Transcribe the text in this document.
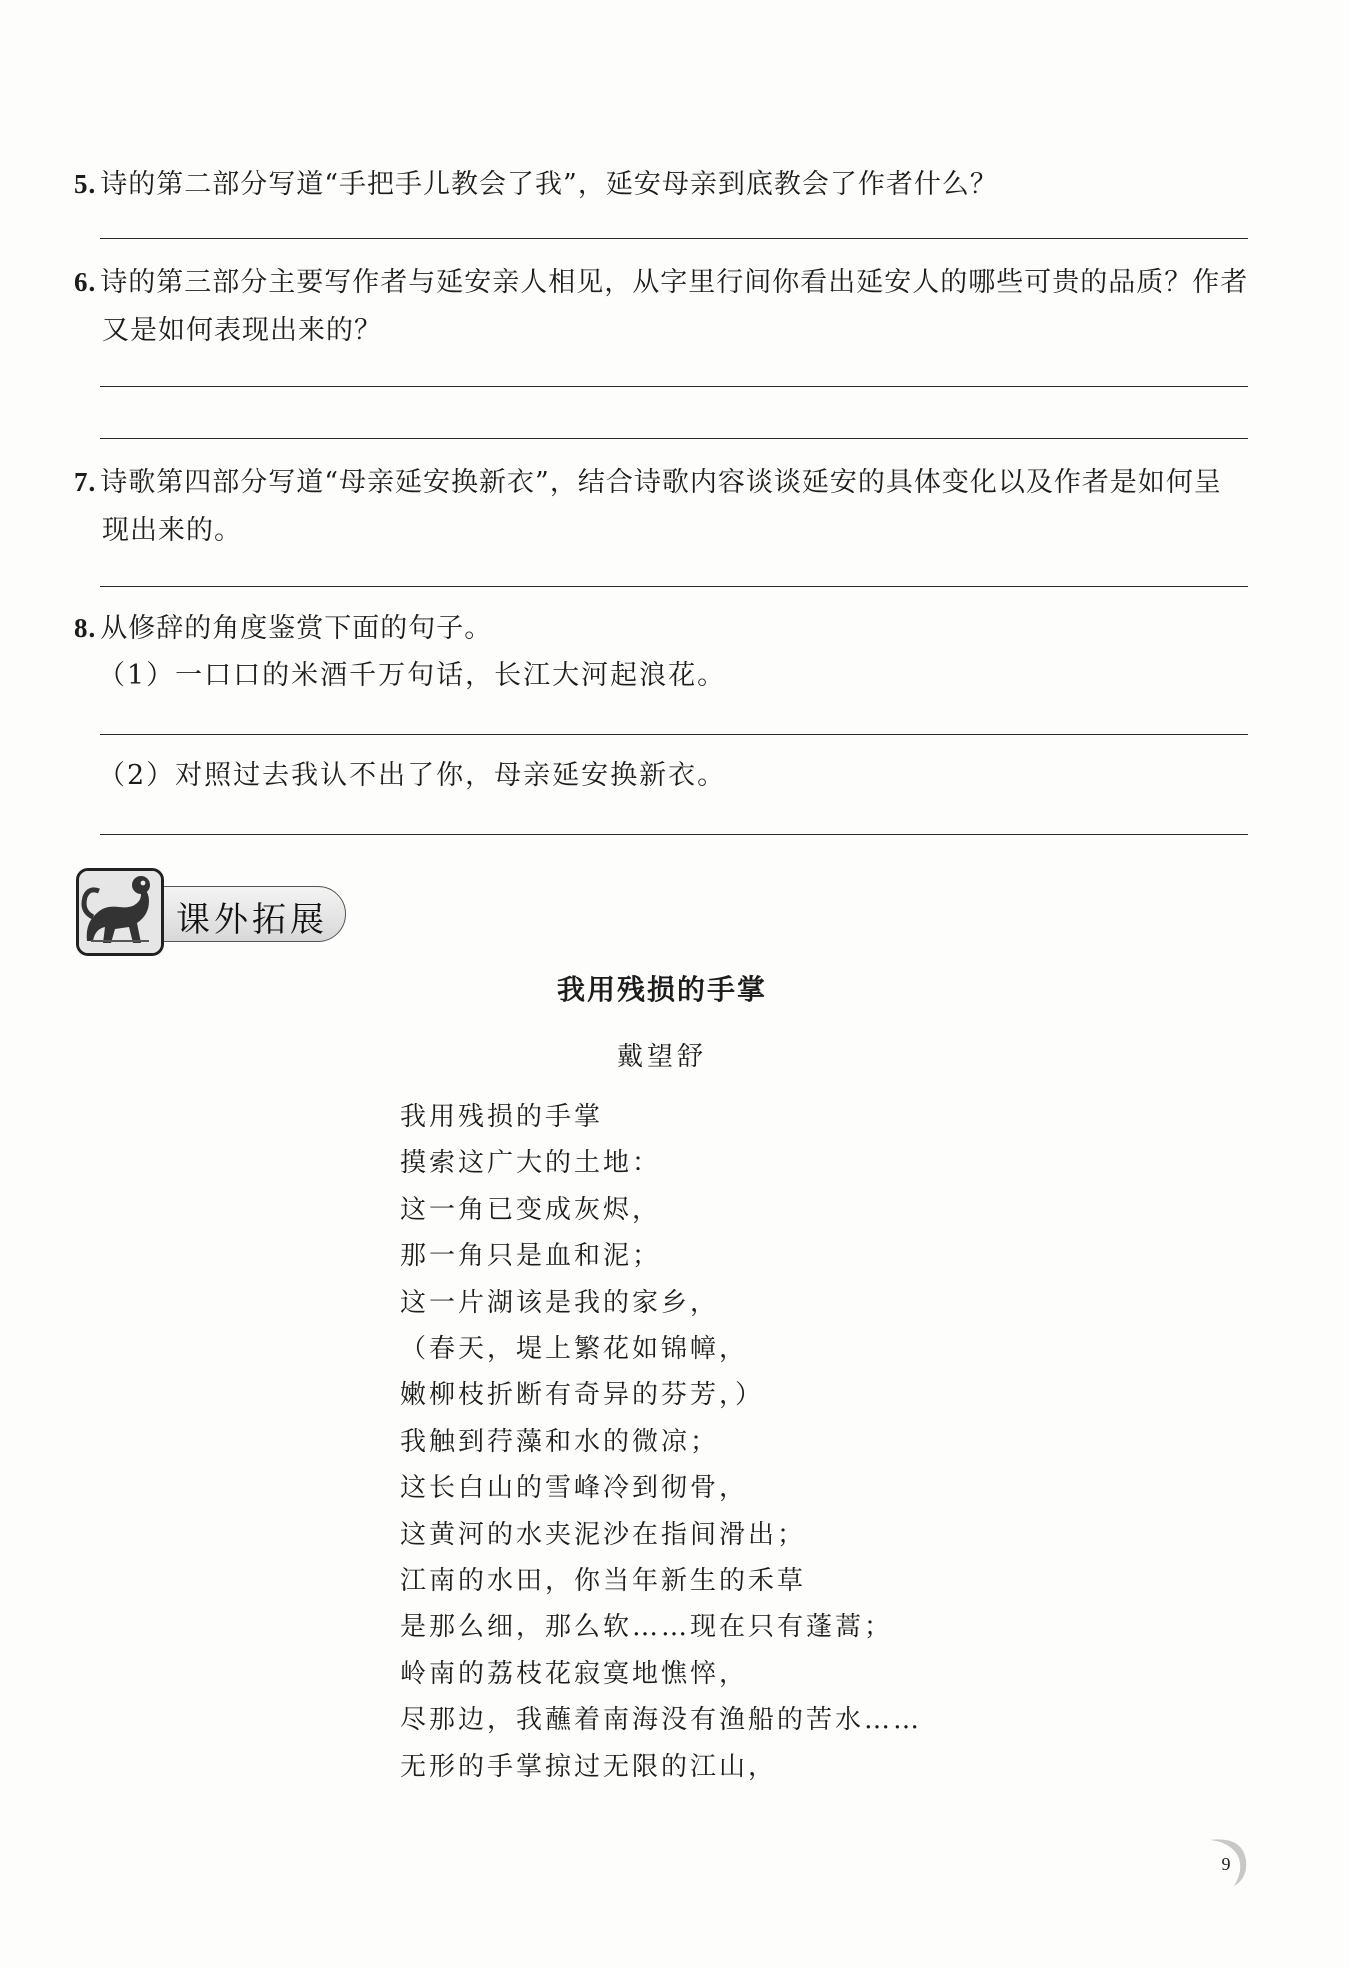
5. 诗的第二部分写道“手把手儿教会了我”，延安母亲到底教会了作者什么？
6. 诗的第三部分主要写作者与延安亲人相见，从字里行间你看出延安人的哪些可贵的品质？作者
又是如何表现出来的？
7. 诗歌第四部分写道“母亲延安换新衣”，结合诗歌内容谈谈延安的具体变化以及作者是如何呈
现出来的。
8. 从修辞的角度鉴赏下面的句子。
（1）一口口的米酒千万句话，长江大河起浪花。
（2）对照过去我认不出了你，母亲延安换新衣。
课外拓展
我用残损的手掌
戴望舒
我用残损的手掌
摸索这广大的土地：
这一角已变成灰烬，
那一角只是血和泥；
这一片湖该是我的家乡，
（春天，堤上繁花如锦幛，
嫩柳枝折断有奇异的芬芳，）
我触到荇藻和水的微凉；
这长白山的雪峰冷到彻骨，
这黄河的水夹泥沙在指间滑出；
江南的水田，你当年新生的禾草
是那么细，那么软……现在只有蓬蒿；
岭南的荔枝花寂寞地憔悴，
尽那边，我蘸着南海没有渔船的苦水……
无形的手掌掠过无限的江山，
9
